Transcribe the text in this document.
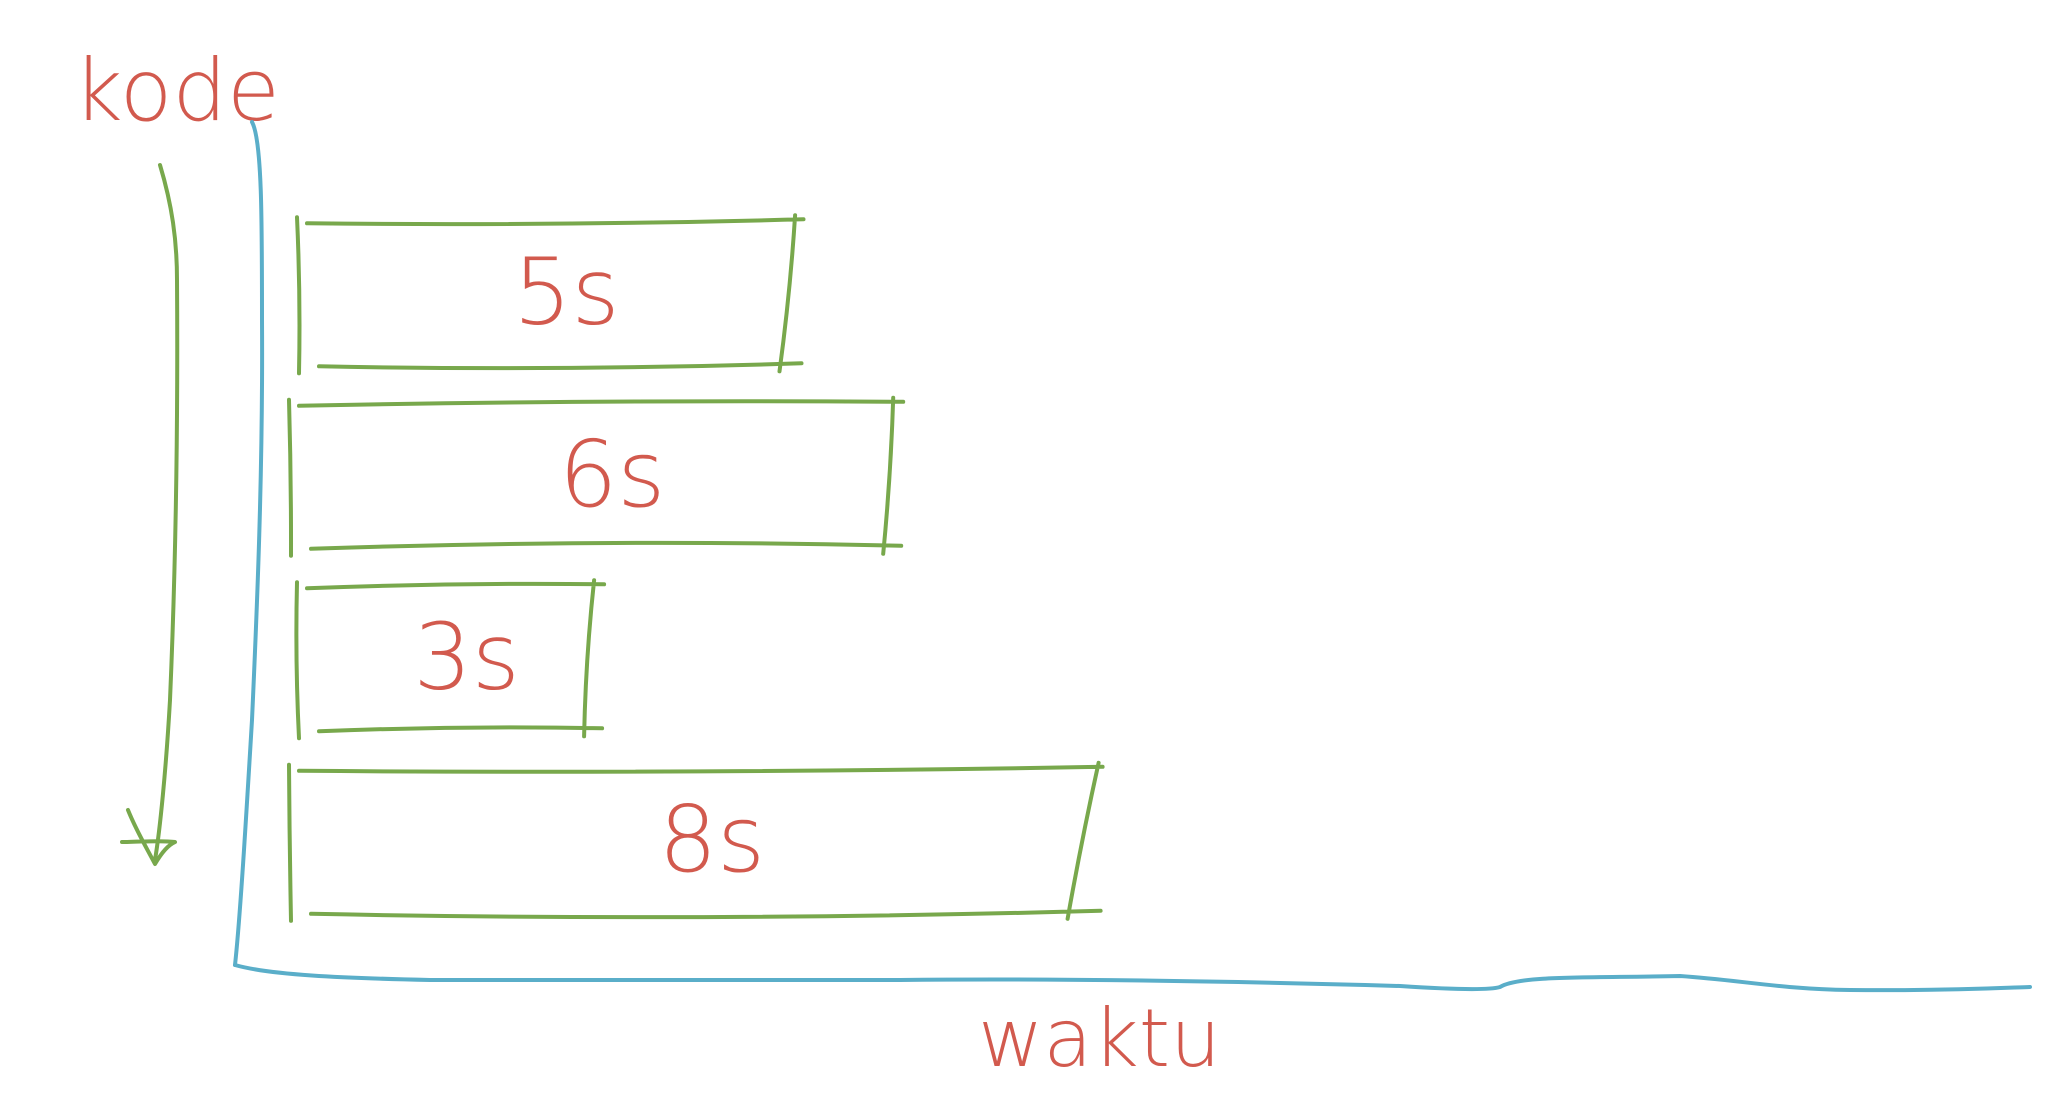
kode
5s
6s
3s
8s
waktu
